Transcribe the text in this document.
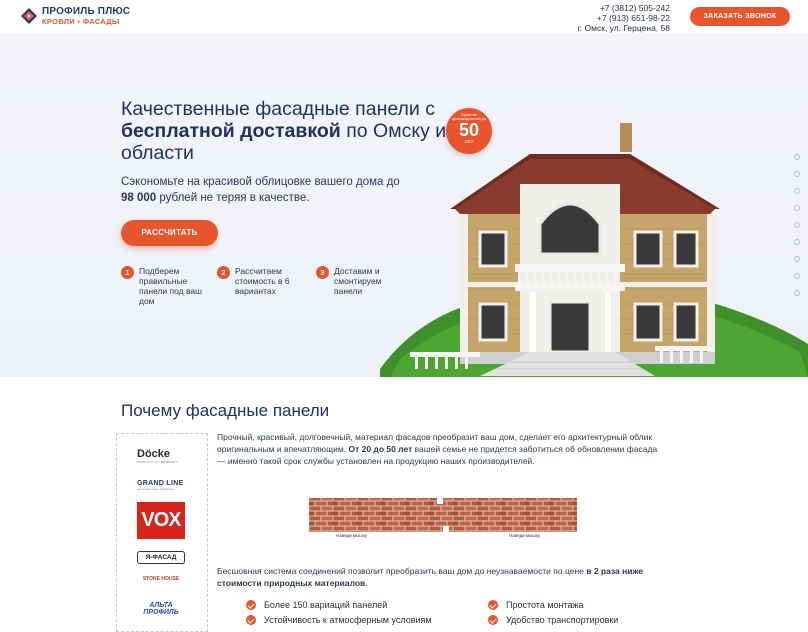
ПРОФИЛЬ ПЛЮС
КРОВЛИ • ФАСАДЫ
+7 (3812) 505-242
+7 (913) 651-98-22
г. Омск, ул. Герцена, 58
ЗАКАЗАТЬ ЗВОНОК
Качественные фасадные панели с бесплатной доставкой по Омску и области

Сэкономьте на красивой облицовке вашего дома до 98 000 рублей не теряя в качестве.

РАССЧИТАТЬ
1	Подберем правильные панели под ваш дом
2	Рассчитаем стоимость в 6 вариантах
3	Доставим и смонтируем панели
Гарантия производителей до
50
ЛЕТ
Почему фасадные панели
Döcke
PRODUCT OF GERMANY
GRAND LINE
долговечные профиль
VOX
Я-ФАСАД
STONE HOUSE
АЛЬТА ПРОФИЛЬ

Прочный, красивый, долговечный, материал фасадов преобразит ваш дом, сделает его архитектурный облик оригинальным и впечатляющим. От 20 до 50 лет вашей семье не придется заботиться об обновлении фасада — именно такой срок службы установлен на продукцию наших производителей.

Наведи мышку	Наведи мышку

Бесшовная система соединений позволит преобразить ваш дом до неузнаваемости по цене в 2 раза ниже стоимости природных материалов.

Более 150 вариаций панелей	Простота монтажа
Устойчивость к атмосферным условиям	Удобство транспортировки
